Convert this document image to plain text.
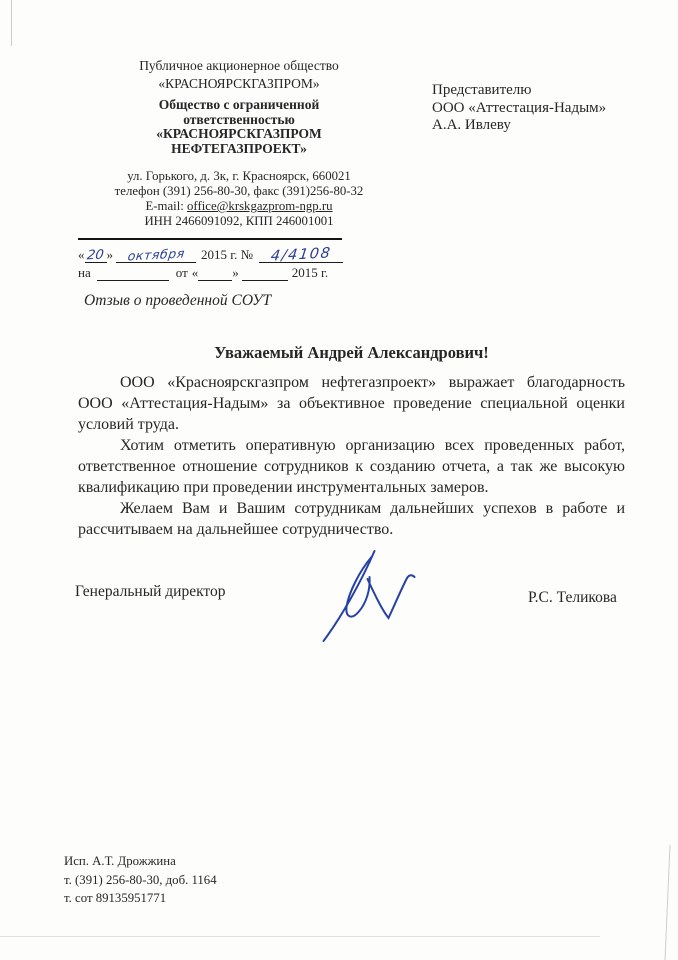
Публичное акционерное общество
«КРАСНОЯРСКГАЗПРОМ»
Общество с ограниченной
ответственностью
«КРАСНОЯРСКГАЗПРОМ
НЕФТЕГАЗПРОЕКТ»
ул. Горького, д. 3к, г. Красноярск, 660021
телефон (391) 256-80-30, факс (391)256-80-32
E-mail: office@krskgazprom-ngp.ru
ИНН 2466091092, КПП 246001001
Представителю
ООО «Аттестация-Надым»
А.А. Ивлеву
« 20 »	октября	2015 г. №	4/4108
на	от «	»	2015 г.
Отзыв о проведенной СОУТ
Уважаемый Андрей Александрович!

ООО «Красноярскгазпром нефтегазпроект» выражает благодарность ООО «Аттестация-Надым» за объективное проведение специальной оценки условий труда.

Хотим отметить оперативную организацию всех проведенных работ, ответственное отношение сотрудников к созданию отчета, а так же высокую квалификацию при проведении инструментальных замеров.

Желаем Вам и Вашим сотрудникам дальнейших успехов в работе и рассчитываем на дальнейшее сотрудничество.

Генеральный директор	Р.С. Теликова
Исп. А.Т. Дрожжина
т. (391) 256-80-30, доб. 1164
т. сот 89135951771
